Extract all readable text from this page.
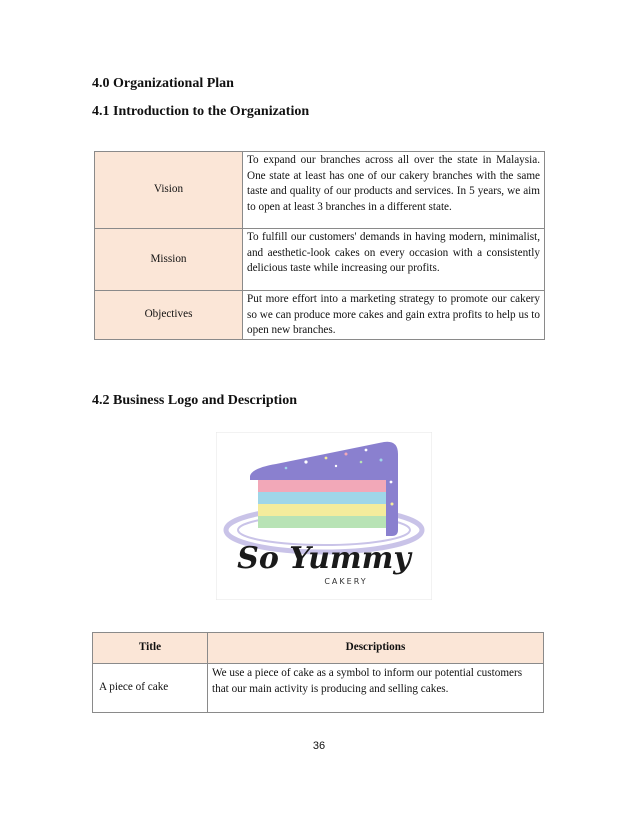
4.0 Organizational Plan
4.1 Introduction to the Organization
Vision	To expand our branches across all over the state in Malaysia. One state at least has one of our cakery branches with the same taste and quality of our products and services. In 5 years, we aim to open at least 3 branches in a different state.
Mission	To fulfill our customers' demands in having modern, minimalist, and aesthetic-look cakes on every occasion with a consistently delicious taste while increasing our profits.
Objectives	Put more effort into a marketing strategy to promote our cakery so we can produce more cakes and gain extra profits to help us to open new branches.
4.2 Business Logo and Description
So Yummy
CAKERY
Title	Descriptions
A piece of cake	We use a piece of cake as a symbol to inform our potential customers that our main activity is producing and selling cakes.
36
